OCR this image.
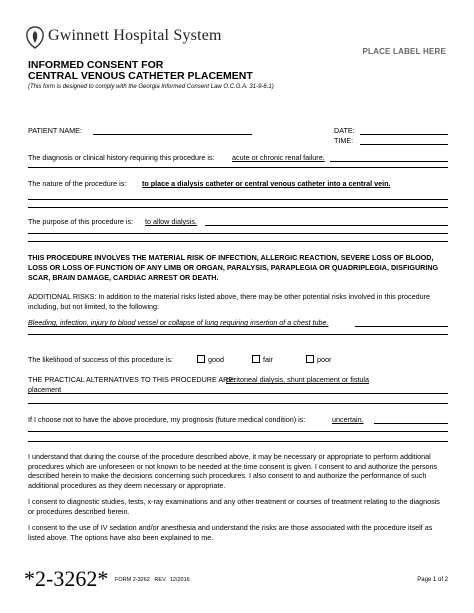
Gwinnett Hospital System
PLACE LABEL HERE
INFORMED CONSENT FOR
CENTRAL VENOUS CATHETER PLACEMENT
(This form is designed to comply with the Georgia Informed Consent Law O.C.G.A. 31-9-6.1)
PATIENT NAME:	DATE:
TIME:
The diagnosis or clinical history requiring this procedure is: acute or chronic renal failure.
The nature of the procedure is: to place a dialysis catheter or central venous catheter into a central vein.
The purpose of this procedure is: to allow dialysis.
THIS PROCEDURE INVOLVES THE MATERIAL RISK OF INFECTION, ALLERGIC REACTION, SEVERE LOSS OF BLOOD, LOSS OR LOSS OF FUNCTION OF ANY LIMB OR ORGAN, PARALYSIS, PARAPLEGIA OR QUADRIPLEGIA, DISFIGURING SCAR, BRAIN DAMAGE, CARDIAC ARREST OR DEATH.
ADDITIONAL RISKS: In addition to the material risks listed above, there may be other potential risks involved in this procedure including, but not limited, to the following:
Bleeding, infection, injury to blood vessel or collapse of lung requiring insertion of a chest tube.
The likelihood of success of this procedure is:	good	fair	poor
THE PRACTICAL ALTERNATIVES TO THIS PROCEDURE ARE:
peritoneal dialysis, shunt placement or fistula
placement
If I choose not to have the above procedure, my prognosis (future medical condition) is:	uncertain.
I understand that during the course of the procedure described above, it may be necessary or appropriate to perform additional procedures which are unforeseen or not known to be needed at the time consent is given. I consent to and authorize the persons described herein to make the decisions concerning such procedures. I also consent to and authorize the performance of such additional procedures as they deem necessary or appropriate.
I consent to diagnostic studies, tests, x-ray examinations and any other treatment or courses of treatment relating to the diagnosis or procedures described herein.
I consent to the use of IV sedation and/or anesthesia and understand the risks are those associated with the procedure itself as listed above. The options have also been explained to me.
*2-3262* FORM 2-3262   REV.  12/2016	Page 1 of 2
